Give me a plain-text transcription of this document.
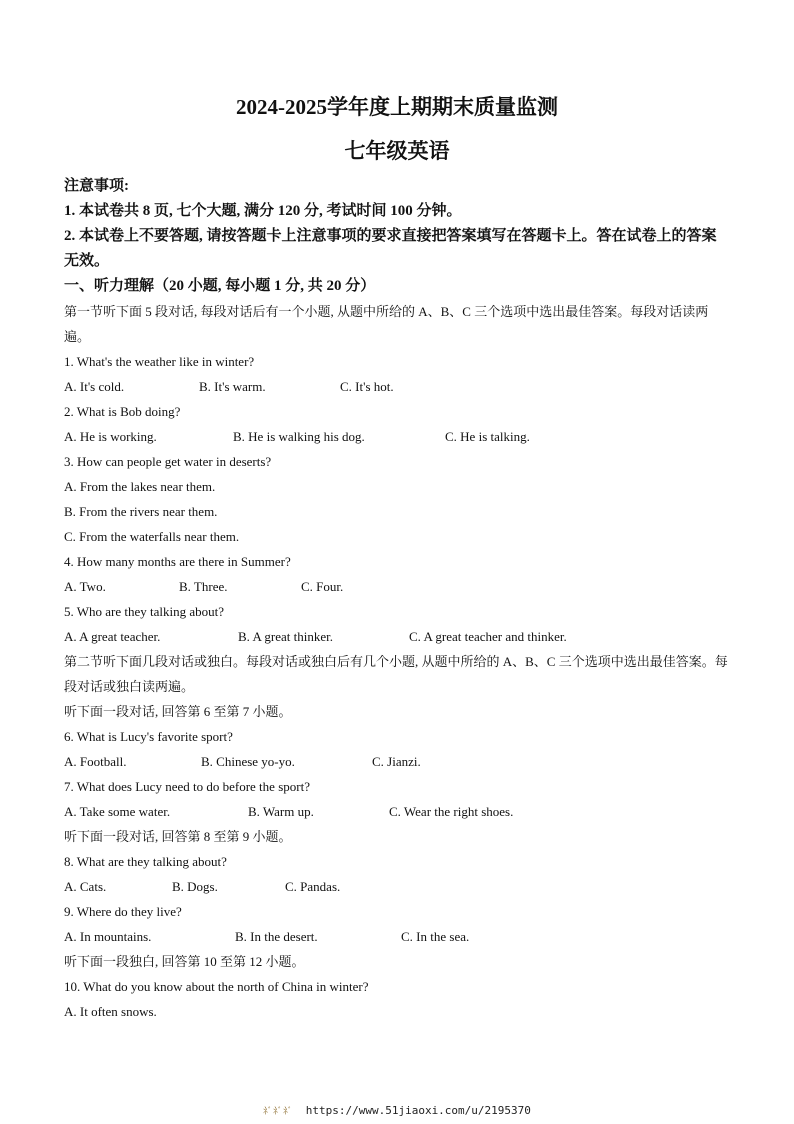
2024-2025学年度上期期末质量监测
七年级英语
注意事项:
1. 本试卷共 8 页, 七个大题, 满分 120 分, 考试时间 100 分钟。
2. 本试卷上不要答题, 请按答题卡上注意事项的要求直接把答案填写在答题卡上。答在试卷上的答案无效。
一、听力理解（20 小题, 每小题 1 分, 共 20 分）
第一节听下面 5 段对话, 每段对话后有一个小题, 从题中所给的 A、B、C 三个选项中选出最佳答案。每段对话读两遍。
1. What's the weather like in winter?
A. It's cold.	B. It's warm.	C. It's hot.
2. What is Bob doing?
A. He is working.	B. He is walking his dog.	C. He is talking.
3. How can people get water in deserts?
A. From the lakes near them.
B. From the rivers near them.
C. From the waterfalls near them.
4. How many months are there in Summer?
A. Two.	B. Three.	C. Four.
5. Who are they talking about?
A. A great teacher.	B. A great thinker.	C. A great teacher and thinker.
第二节听下面几段对话或独白。每段对话或独白后有几个小题, 从题中所给的 A、B、C 三个选项中选出最佳答案。每段对话或独白读两遍。
听下面一段对话, 回答第 6 至第 7 小题。
6. What is Lucy's favorite sport?
A. Football.	B. Chinese yo-yo.	C. Jianzi.
7. What does Lucy need to do before the sport?
A. Take some water.	B. Warm up.	C. Wear the right shoes.
听下面一段对话, 回答第 8 至第 9 小题。
8. What are they talking about?
A. Cats.	B. Dogs.	C. Pandas.
9. Where do they live?
A. In mountains.	B. In the desert.	C. In the sea.
听下面一段独白, 回答第 10 至第 12 小题。
10. What do you know about the north of China in winter?
A. It often snows.
ﾈﾞﾈﾞﾈﾞ https://www.51jiaoxi.com/u/2195370
